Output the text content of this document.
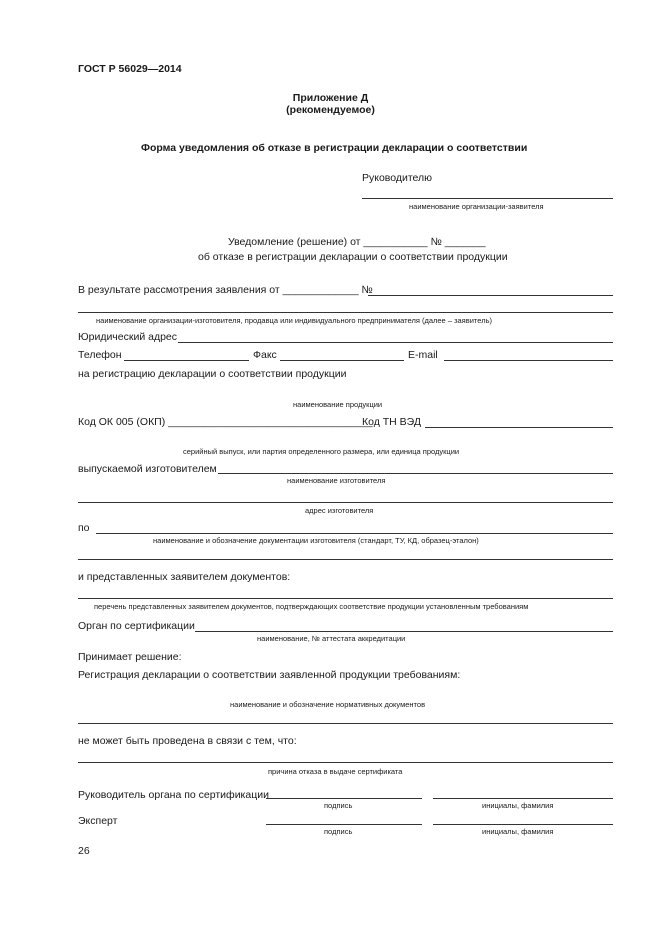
ГОСТ Р 56029—2014
Приложение Д
(рекомендуемое)
Форма уведомления об отказе в регистрации декларации о соответствии
Руководителю
наименование организации-заявителя
Уведомление (решение) от ___________ № _______
об отказе в регистрации декларации о соответствии продукции
В результате рассмотрения заявления от _____________ №
наименование организации-изготовителя, продавца или индивидуального предпринимателя (далее – заявитель)
Юридический адрес
Телефон	Факс	E-mail
на регистрацию декларации о соответствии продукции
наименование продукции
Код ОК 005 (ОКП) ___________________________________
Код ТН ВЭД
серийный выпуск, или партия определенного размера, или единица продукции
выпускаемой изготовителем
наименование изготовителя
адрес изготовителя
по
наименование и обозначение документации изготовителя (стандарт, ТУ, КД, образец-эталон)
и представленных заявителем документов:
перечень представленных заявителем документов, подтверждающих соответствие продукции установленным требованиям
Орган по сертификации
наименование, № аттестата аккредитации
Принимает решение:
Регистрация декларации о соответствии заявленной продукции требованиям:
наименование и обозначение нормативных документов
не может быть проведена в связи с тем, что:
причина отказа в выдаче сертификата
Руководитель органа по сертификации
подпись	инициалы, фамилия
Эксперт
подпись	инициалы, фамилия
26
